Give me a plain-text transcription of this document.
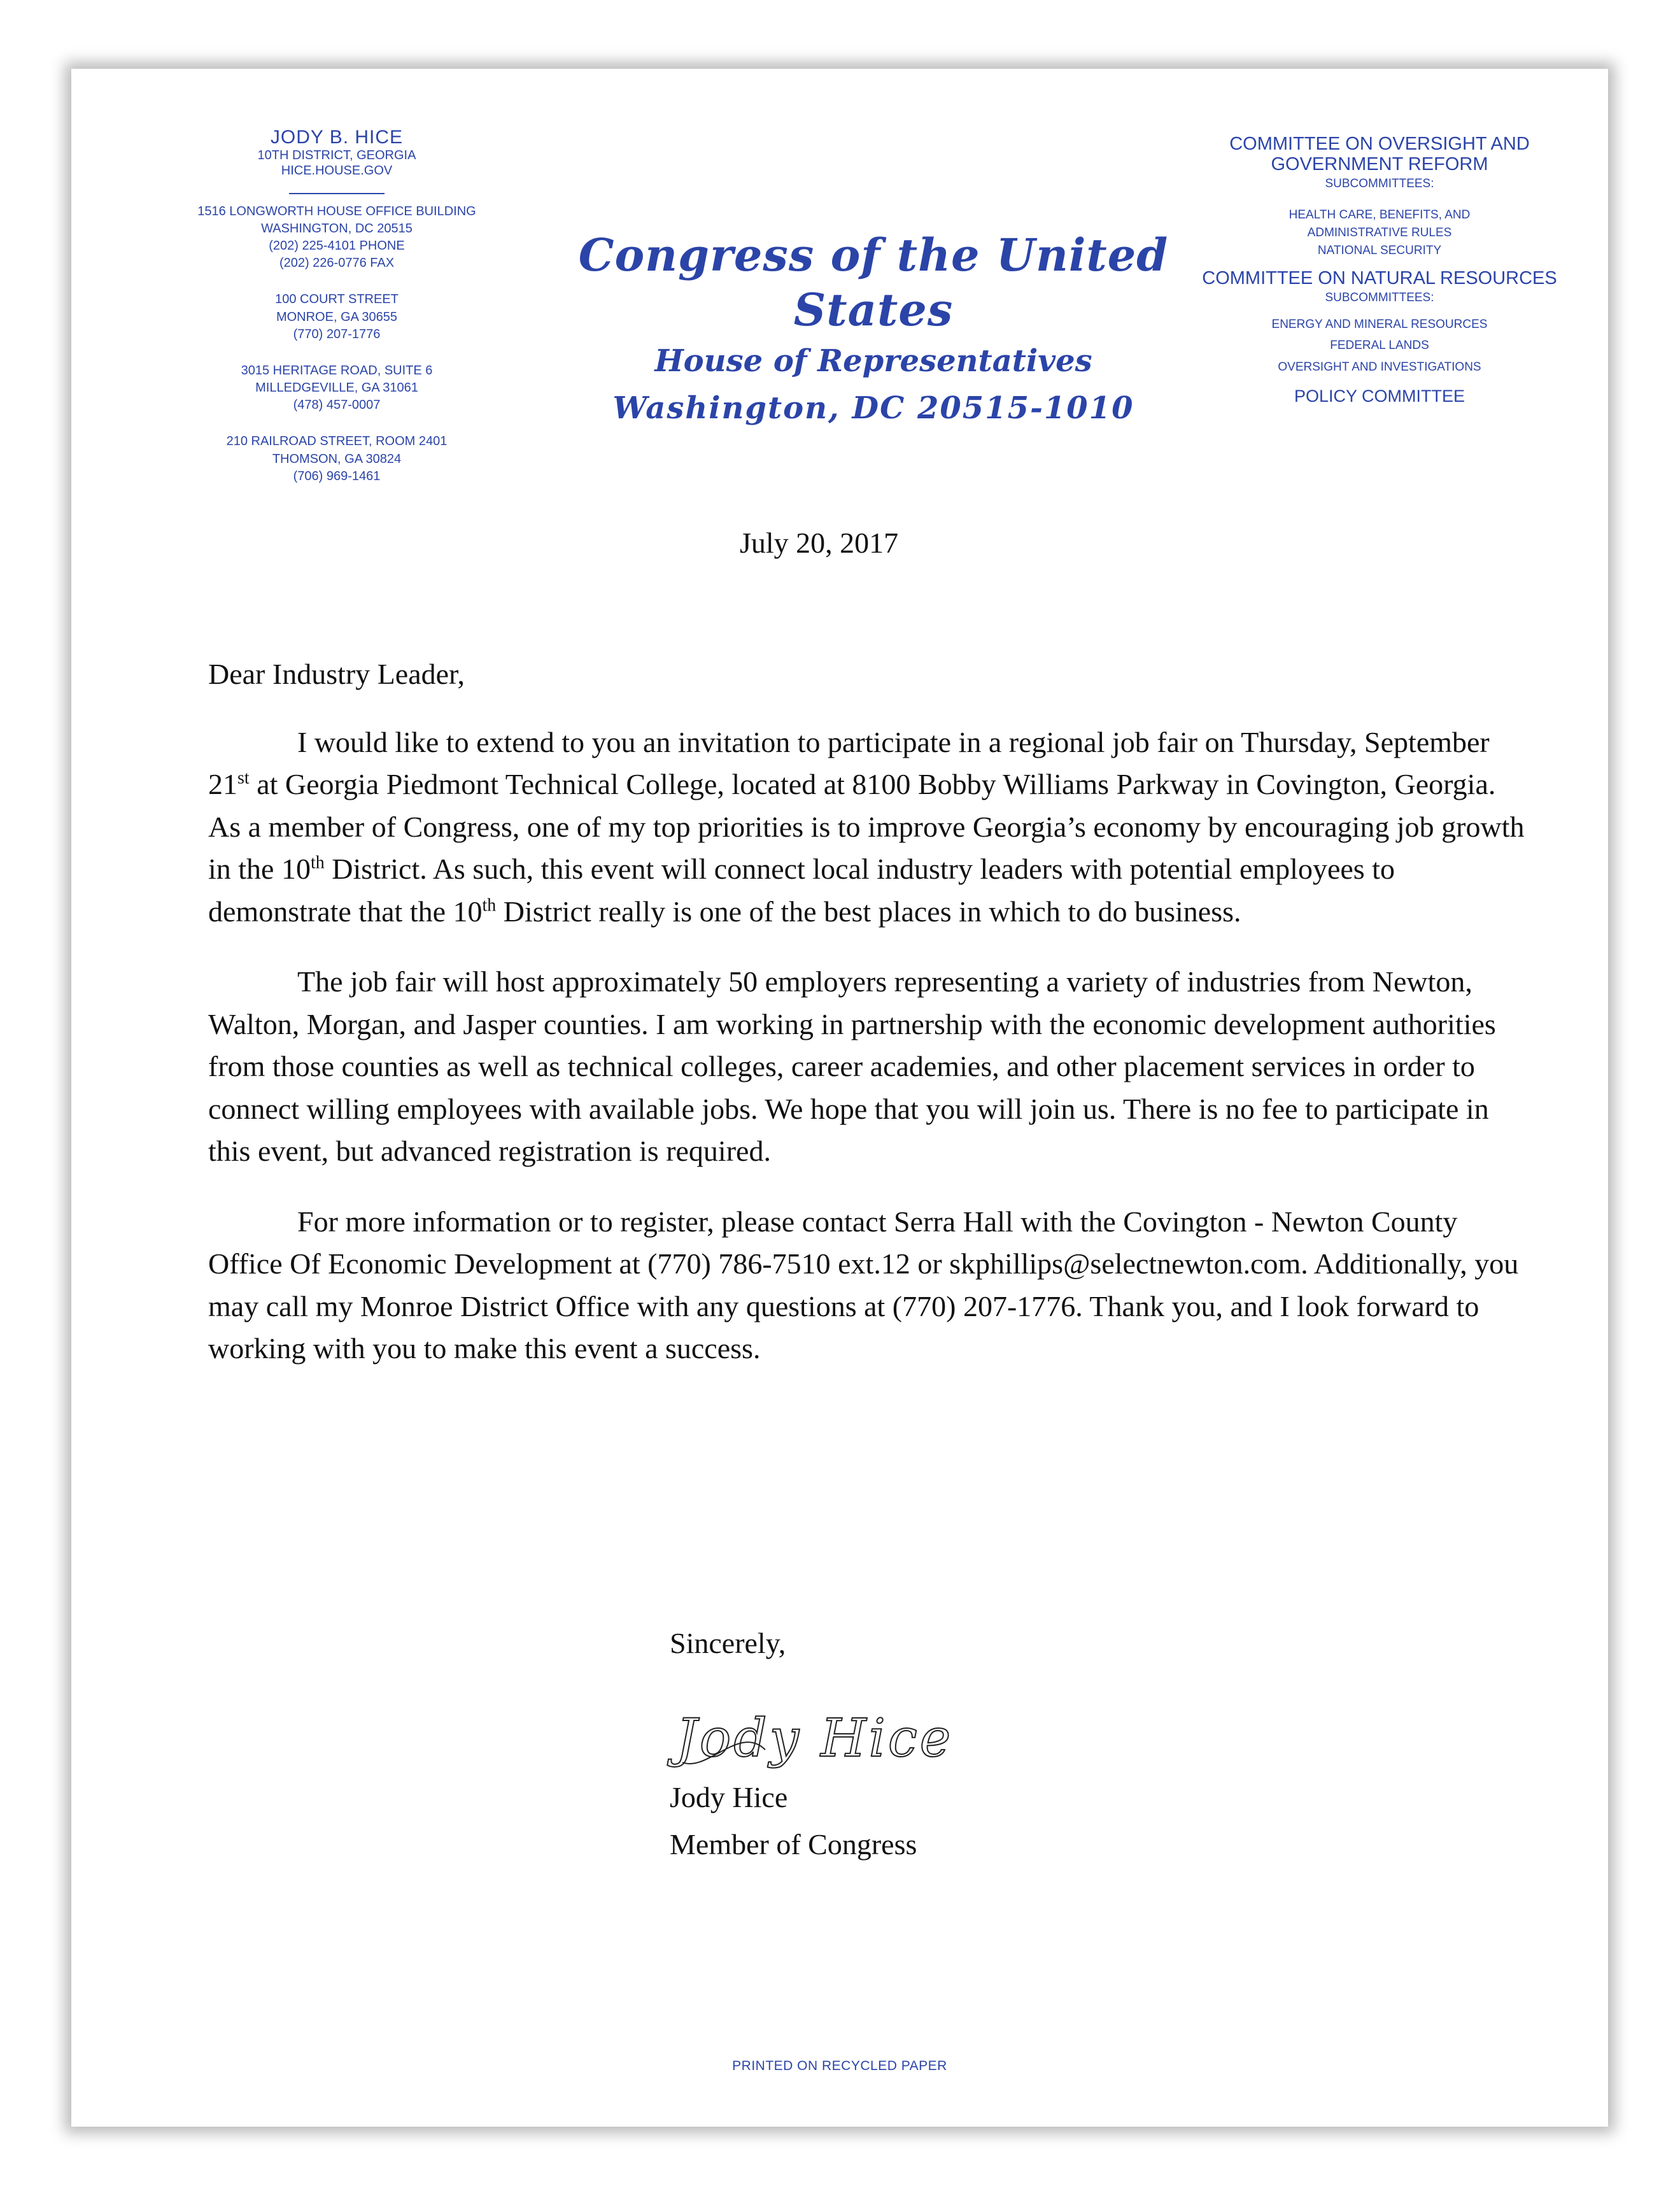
JODY B. HICE
10TH DISTRICT, GEORGIA
HICE.HOUSE.GOV
1516 LONGWORTH HOUSE OFFICE BUILDING
WASHINGTON, DC 20515
(202) 225-4101 PHONE
(202) 226-0776 FAX
100 COURT STREET
MONROE, GA 30655
(770) 207-1776
3015 HERITAGE ROAD, SUITE 6
MILLEDGEVILLE, GA 31061
(478) 457-0007
210 RAILROAD STREET, ROOM 2401
THOMSON, GA 30824
(706) 969-1461
Congress of the United States
House of Representatives
Washington, DC 20515-1010
COMMITTEE ON OVERSIGHT AND GOVERNMENT REFORM
SUBCOMMITTEES:
HEALTH CARE, BENEFITS, AND ADMINISTRATIVE RULES
NATIONAL SECURITY
COMMITTEE ON NATURAL RESOURCES
SUBCOMMITTEES:
ENERGY AND MINERAL RESOURCES
FEDERAL LANDS
OVERSIGHT AND INVESTIGATIONS
POLICY COMMITTEE
July 20, 2017

Dear Industry Leader,

I would like to extend to you an invitation to participate in a regional job fair on Thursday, September 21st at Georgia Piedmont Technical College, located at 8100 Bobby Williams Parkway in Covington, Georgia. As a member of Congress, one of my top priorities is to improve Georgia’s economy by encouraging job growth in the 10th District. As such, this event will connect local industry leaders with potential employees to demonstrate that the 10th District really is one of the best places in which to do business.

The job fair will host approximately 50 employers representing a variety of industries from Newton, Walton, Morgan, and Jasper counties. I am working in partnership with the economic development authorities from those counties as well as technical colleges, career academies, and other placement services in order to connect willing employees with available jobs. We hope that you will join us. There is no fee to participate in this event, but advanced registration is required.

For more information or to register, please contact Serra Hall with the Covington - Newton County Office Of Economic Development at (770) 786-7510 ext.12 or skphillips@selectnewton.com. Additionally, you may call my Monroe District Office with any questions at (770) 207-1776. Thank you, and I look forward to working with you to make this event a success.

Sincerely,
Jody Hice
Jody Hice
Member of Congress
PRINTED ON RECYCLED PAPER
